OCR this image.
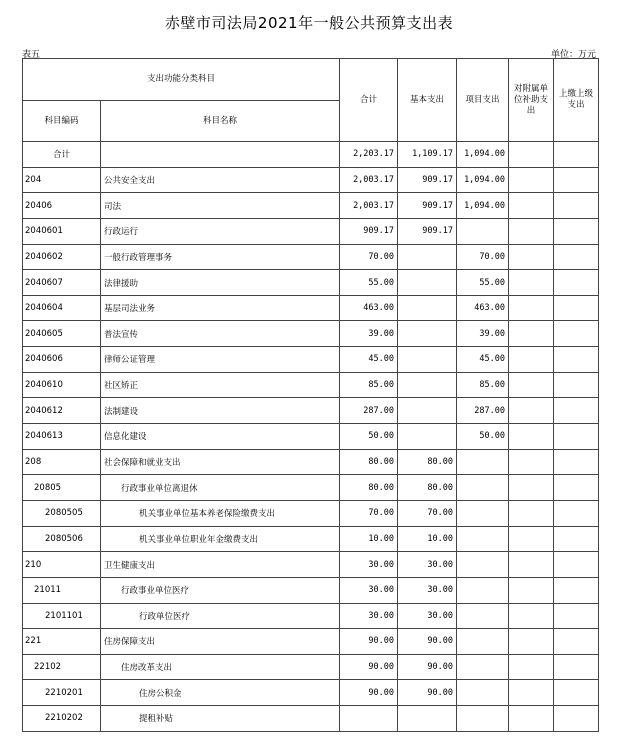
赤壁市司法局2021年一般公共预算支出表
表五	单位：万元
支出功能分类科目		合计	基本支出	项目支出	对附属单位补助支出	上缴上级支出
科目编码	科目名称					
合计		2,203.17	1,109.17	1,094.00		
204	公共安全支出	2,003.17	909.17	1,094.00		
20406	司法	2,003.17	909.17	1,094.00		
2040601	行政运行	909.17	909.17			
2040602	一般行政管理事务	70.00		70.00		
2040607	法律援助	55.00		55.00		
2040604	基层司法业务	463.00		463.00		
2040605	普法宣传	39.00		39.00		
2040606	律师公证管理	45.00		45.00		
2040610	社区矫正	85.00		85.00		
2040612	法制建设	287.00		287.00		
2040613	信息化建设	50.00		50.00		
208	社会保障和就业支出	80.00	80.00			
20805	行政事业单位离退休	80.00	80.00			
2080505	机关事业单位基本养老保险缴费支出	70.00	70.00			
2080506	机关事业单位职业年金缴费支出	10.00	10.00			
210	卫生健康支出	30.00	30.00			
21011	行政事业单位医疗	30.00	30.00			
2101101	行政单位医疗	30.00	30.00			
221	住房保障支出	90.00	90.00			
22102	住房改革支出	90.00	90.00			
2210201	住房公积金	90.00	90.00			
2210202	提租补贴					
